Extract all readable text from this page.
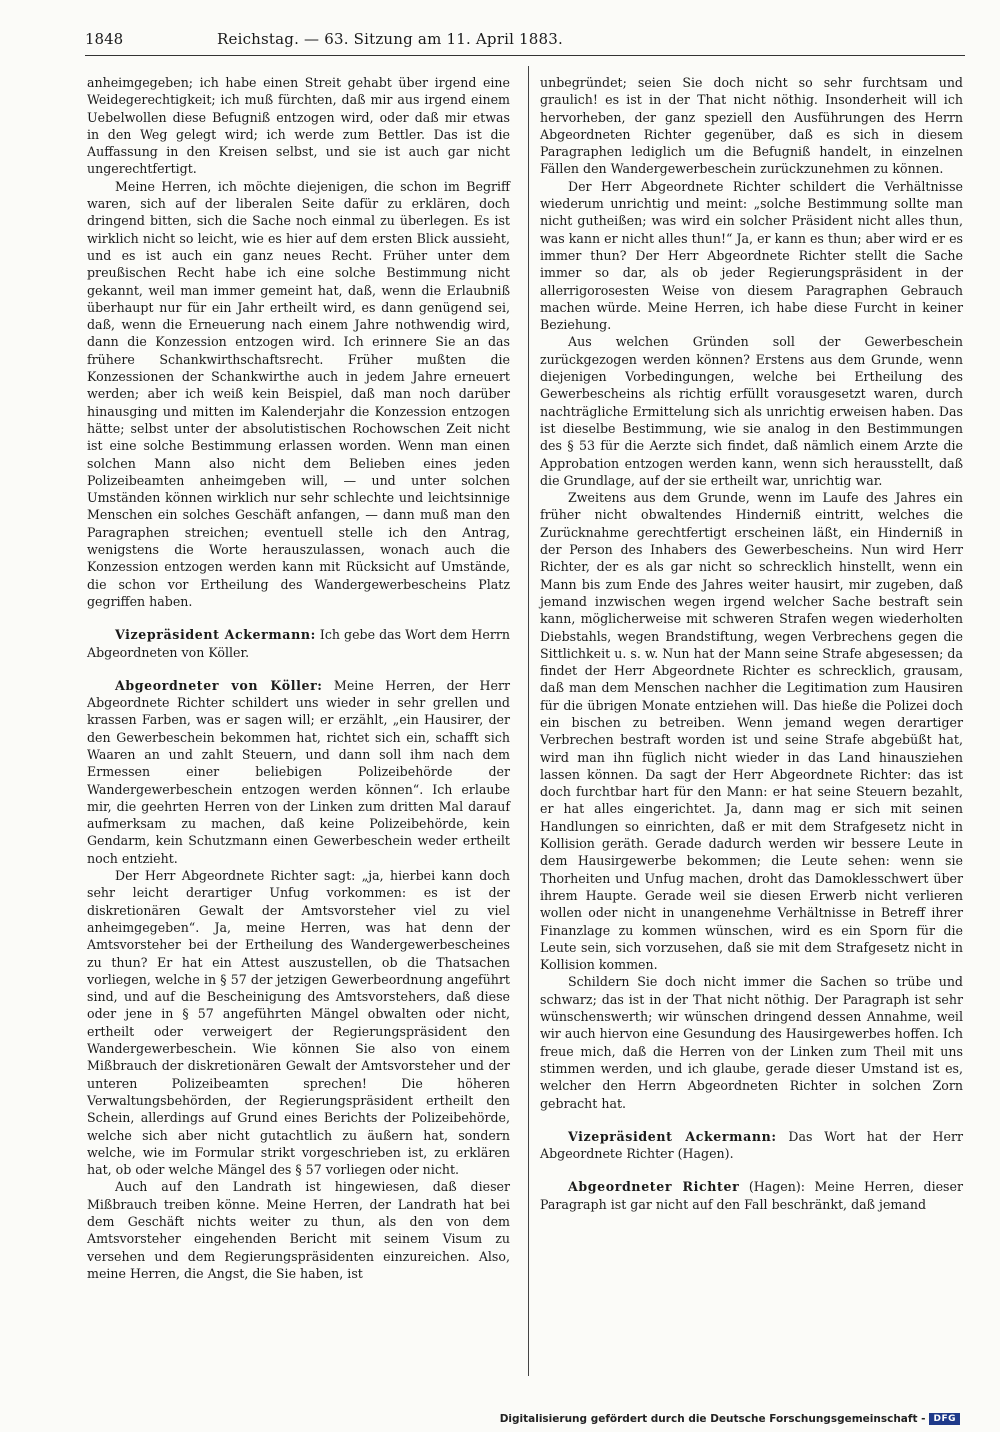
1848	Reichstag. — 63. Sitzung am 11. April 1883.

anheimgegeben; ich habe einen Streit gehabt über irgend eine Weidegerechtigkeit; ich muß fürchten, daß mir aus irgend einem Uebelwollen diese Befugniß entzogen wird, oder daß mir etwas in den Weg gelegt wird; ich werde zum Bettler. Das ist die Auffassung in den Kreisen selbst, und sie ist auch gar nicht ungerechtfertigt.

Meine Herren, ich möchte diejenigen, die schon im Begriff waren, sich auf der liberalen Seite dafür zu erklären, doch dringend bitten, sich die Sache noch einmal zu überlegen. Es ist wirklich nicht so leicht, wie es hier auf dem ersten Blick aussieht, und es ist auch ein ganz neues Recht. Früher unter dem preußischen Recht habe ich eine solche Bestimmung nicht gekannt, weil man immer gemeint hat, daß, wenn die Erlaubniß überhaupt nur für ein Jahr ertheilt wird, es dann genügend sei, daß, wenn die Erneuerung nach einem Jahre nothwendig wird, dann die Konzession entzogen wird. Ich erinnere Sie an das frühere Schankwirthschaftsrecht. Früher mußten die Konzessionen der Schankwirthe auch in jedem Jahre erneuert werden; aber ich weiß kein Beispiel, daß man noch darüber hinausging und mitten im Kalenderjahr die Konzession entzogen hätte; selbst unter der absolutistischen Rochowschen Zeit nicht ist eine solche Bestimmung erlassen worden. Wenn man einen solchen Mann also nicht dem Belieben eines jeden Polizeibeamten anheimgeben will, — und unter solchen Umständen können wirklich nur sehr schlechte und leichtsinnige Menschen ein solches Geschäft anfangen, — dann muß man den Paragraphen streichen; eventuell stelle ich den Antrag, wenigstens die Worte herauszulassen, wonach auch die Konzession entzogen werden kann mit Rücksicht auf Umstände, die schon vor Ertheilung des Wandergewerbescheins Platz gegriffen haben.

Vizepräsident Ackermann: Ich gebe das Wort dem Herrn Abgeordneten von Köller.

Abgeordneter von Köller: Meine Herren, der Herr Abgeordnete Richter schildert uns wieder in sehr grellen und krassen Farben, was er sagen will; er erzählt, „ein Hausirer, der den Gewerbeschein bekommen hat, richtet sich ein, schafft sich Waaren an und zahlt Steuern, und dann soll ihm nach dem Ermessen einer beliebigen Polizeibehörde der Wandergewerbeschein entzogen werden können“. Ich erlaube mir, die geehrten Herren von der Linken zum dritten Mal darauf aufmerksam zu machen, daß keine Polizeibehörde, kein Gendarm, kein Schutzmann einen Gewerbeschein weder ertheilt noch entzieht.

Der Herr Abgeordnete Richter sagt: „ja, hierbei kann doch sehr leicht derartiger Unfug vorkommen: es ist der diskretionären Gewalt der Amtsvorsteher viel zu viel anheimgegeben“. Ja, meine Herren, was hat denn der Amtsvorsteher bei der Ertheilung des Wandergewerbescheines zu thun? Er hat ein Attest auszustellen, ob die Thatsachen vorliegen, welche in § 57 der jetzigen Gewerbeordnung angeführt sind, und auf die Bescheinigung des Amtsvorstehers, daß diese oder jene in § 57 angeführten Mängel obwalten oder nicht, ertheilt oder verweigert der Regierungspräsident den Wandergewerbeschein. Wie können Sie also von einem Mißbrauch der diskretionären Gewalt der Amtsvorsteher und der unteren Polizeibeamten sprechen! Die höheren Verwaltungsbehörden, der Regierungspräsident ertheilt den Schein, allerdings auf Grund eines Berichts der Polizeibehörde, welche sich aber nicht gutachtlich zu äußern hat, sondern welche, wie im Formular strikt vorgeschrieben ist, zu erklären hat, ob oder welche Mängel des § 57 vorliegen oder nicht.

Auch auf den Landrath ist hingewiesen, daß dieser Mißbrauch treiben könne. Meine Herren, der Landrath hat bei dem Geschäft nichts weiter zu thun, als den von dem Amtsvorsteher eingehenden Bericht mit seinem Visum zu versehen und dem Regierungspräsidenten einzureichen. Also, meine Herren, die Angst, die Sie haben, ist

unbegründet; seien Sie doch nicht so sehr furchtsam und graulich! es ist in der That nicht nöthig. Insonderheit will ich hervorheben, der ganz speziell den Ausführungen des Herrn Abgeordneten Richter gegenüber, daß es sich in diesem Paragraphen lediglich um die Befugniß handelt, in einzelnen Fällen den Wandergewerbeschein zurückzunehmen zu können.

Der Herr Abgeordnete Richter schildert die Verhältnisse wiederum unrichtig und meint: „solche Bestimmung sollte man nicht gutheißen; was wird ein solcher Präsident nicht alles thun, was kann er nicht alles thun!“ Ja, er kann es thun; aber wird er es immer thun? Der Herr Abgeordnete Richter stellt die Sache immer so dar, als ob jeder Regierungspräsident in der allerrigorosesten Weise von diesem Paragraphen Gebrauch machen würde. Meine Herren, ich habe diese Furcht in keiner Beziehung.

Aus welchen Gründen soll der Gewerbeschein zurückgezogen werden können? Erstens aus dem Grunde, wenn diejenigen Vorbedingungen, welche bei Ertheilung des Gewerbescheins als richtig erfüllt vorausgesetzt waren, durch nachträgliche Ermittelung sich als unrichtig erweisen haben. Das ist dieselbe Bestimmung, wie sie analog in den Bestimmungen des § 53 für die Aerzte sich findet, daß nämlich einem Arzte die Approbation entzogen werden kann, wenn sich herausstellt, daß die Grundlage, auf der sie ertheilt war, unrichtig war.

Zweitens aus dem Grunde, wenn im Laufe des Jahres ein früher nicht obwaltendes Hinderniß eintritt, welches die Zurücknahme gerechtfertigt erscheinen läßt, ein Hinderniß in der Person des Inhabers des Gewerbescheins. Nun wird Herr Richter, der es als gar nicht so schrecklich hinstellt, wenn ein Mann bis zum Ende des Jahres weiter hausirt, mir zugeben, daß jemand inzwischen wegen irgend welcher Sache bestraft sein kann, möglicherweise mit schweren Strafen wegen wiederholten Diebstahls, wegen Brandstiftung, wegen Verbrechens gegen die Sittlichkeit u. s. w. Nun hat der Mann seine Strafe abgesessen; da findet der Herr Abgeordnete Richter es schrecklich, grausam, daß man dem Menschen nachher die Legitimation zum Hausiren für die übrigen Monate entziehen will. Das hieße die Polizei doch ein bischen zu betreiben. Wenn jemand wegen derartiger Verbrechen bestraft worden ist und seine Strafe abgebüßt hat, wird man ihn füglich nicht wieder in das Land hinausziehen lassen können. Da sagt der Herr Abgeordnete Richter: das ist doch furchtbar hart für den Mann: er hat seine Steuern bezahlt, er hat alles eingerichtet. Ja, dann mag er sich mit seinen Handlungen so einrichten, daß er mit dem Strafgesetz nicht in Kollision geräth. Gerade dadurch werden wir bessere Leute in dem Hausirgewerbe bekommen; die Leute sehen: wenn sie Thorheiten und Unfug machen, droht das Damoklesschwert über ihrem Haupte. Gerade weil sie diesen Erwerb nicht verlieren wollen oder nicht in unangenehme Verhältnisse in Betreff ihrer Finanzlage zu kommen wünschen, wird es ein Sporn für die Leute sein, sich vorzusehen, daß sie mit dem Strafgesetz nicht in Kollision kommen.

Schildern Sie doch nicht immer die Sachen so trübe und schwarz; das ist in der That nicht nöthig. Der Paragraph ist sehr wünschenswerth; wir wünschen dringend dessen Annahme, weil wir auch hiervon eine Gesundung des Hausirgewerbes hoffen. Ich freue mich, daß die Herren von der Linken zum Theil mit uns stimmen werden, und ich glaube, gerade dieser Umstand ist es, welcher den Herrn Abgeordneten Richter in solchen Zorn gebracht hat.

Vizepräsident Ackermann: Das Wort hat der Herr Abgeordnete Richter (Hagen).

Abgeordneter Richter (Hagen): Meine Herren, dieser Paragraph ist gar nicht auf den Fall beschränkt, daß jemand

Digitalisierung gefördert durch die Deutsche Forschungsgemeinschaft - DFG
